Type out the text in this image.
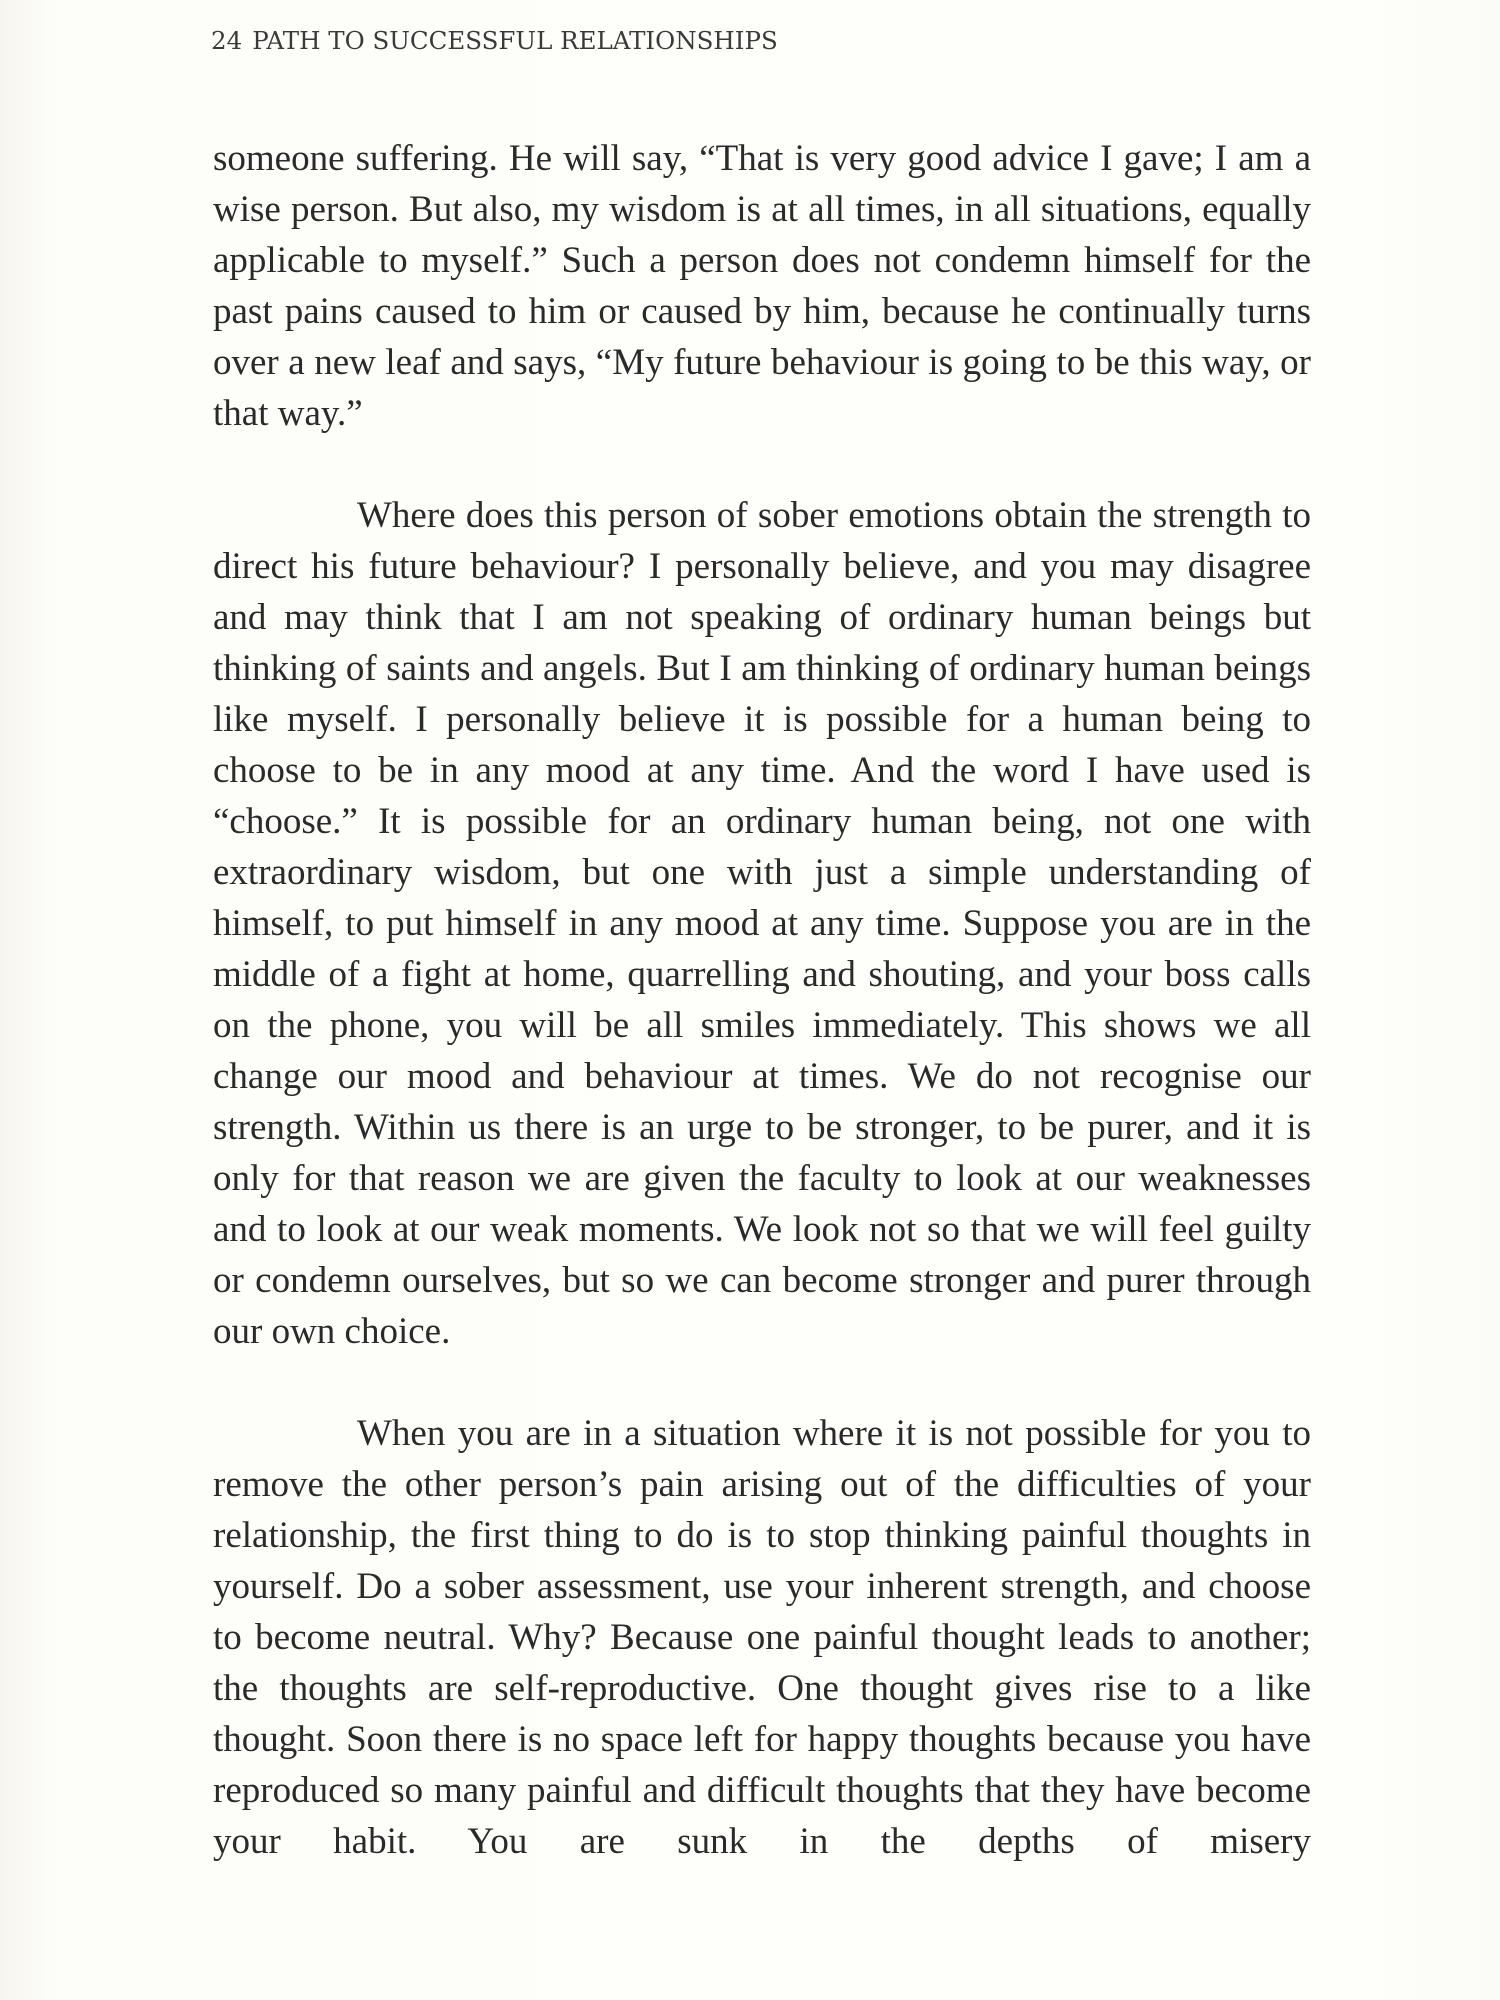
24 PATH TO SUCCESSFUL RELATIONSHIPS

someone suffering. He will say, “That is very good advice I gave; I am a wise person. But also, my wisdom is at all times, in all situations, equally applicable to myself.” Such a person does not condemn himself for the past pains caused to him or caused by him, because he continually turns over a new leaf and says, “My future behaviour is going to be this way, or that way.”

Where does this person of sober emotions obtain the strength to direct his future behaviour? I personally believe, and you may disagree and may think that I am not speaking of ordinary human beings but thinking of saints and angels. But I am thinking of ordinary human beings like myself. I personally believe it is possible for a human being to choose to be in any mood at any time. And the word I have used is “choose.” It is possible for an ordinary human being, not one with extraordinary wisdom, but one with just a simple understanding of himself, to put himself in any mood at any time. Suppose you are in the middle of a fight at home, quarrelling and shouting, and your boss calls on the phone, you will be all smiles immediately. This shows we all change our mood and behaviour at times. We do not recognise our strength. Within us there is an urge to be stronger, to be purer, and it is only for that reason we are given the faculty to look at our weaknesses and to look at our weak moments. We look not so that we will feel guilty or condemn ourselves, but so we can become stronger and purer through our own choice.

When you are in a situation where it is not possible for you to remove the other person’s pain arising out of the difficulties of your relationship, the first thing to do is to stop thinking painful thoughts in yourself. Do a sober assessment, use your inherent strength, and choose to become neutral. Why? Because one painful thought leads to another; the thoughts are self-reproductive. One thought gives rise to a like thought. Soon there is no space left for happy thoughts because you have reproduced so many painful and difficult thoughts that they have become your habit. You are sunk in the depths of misery
